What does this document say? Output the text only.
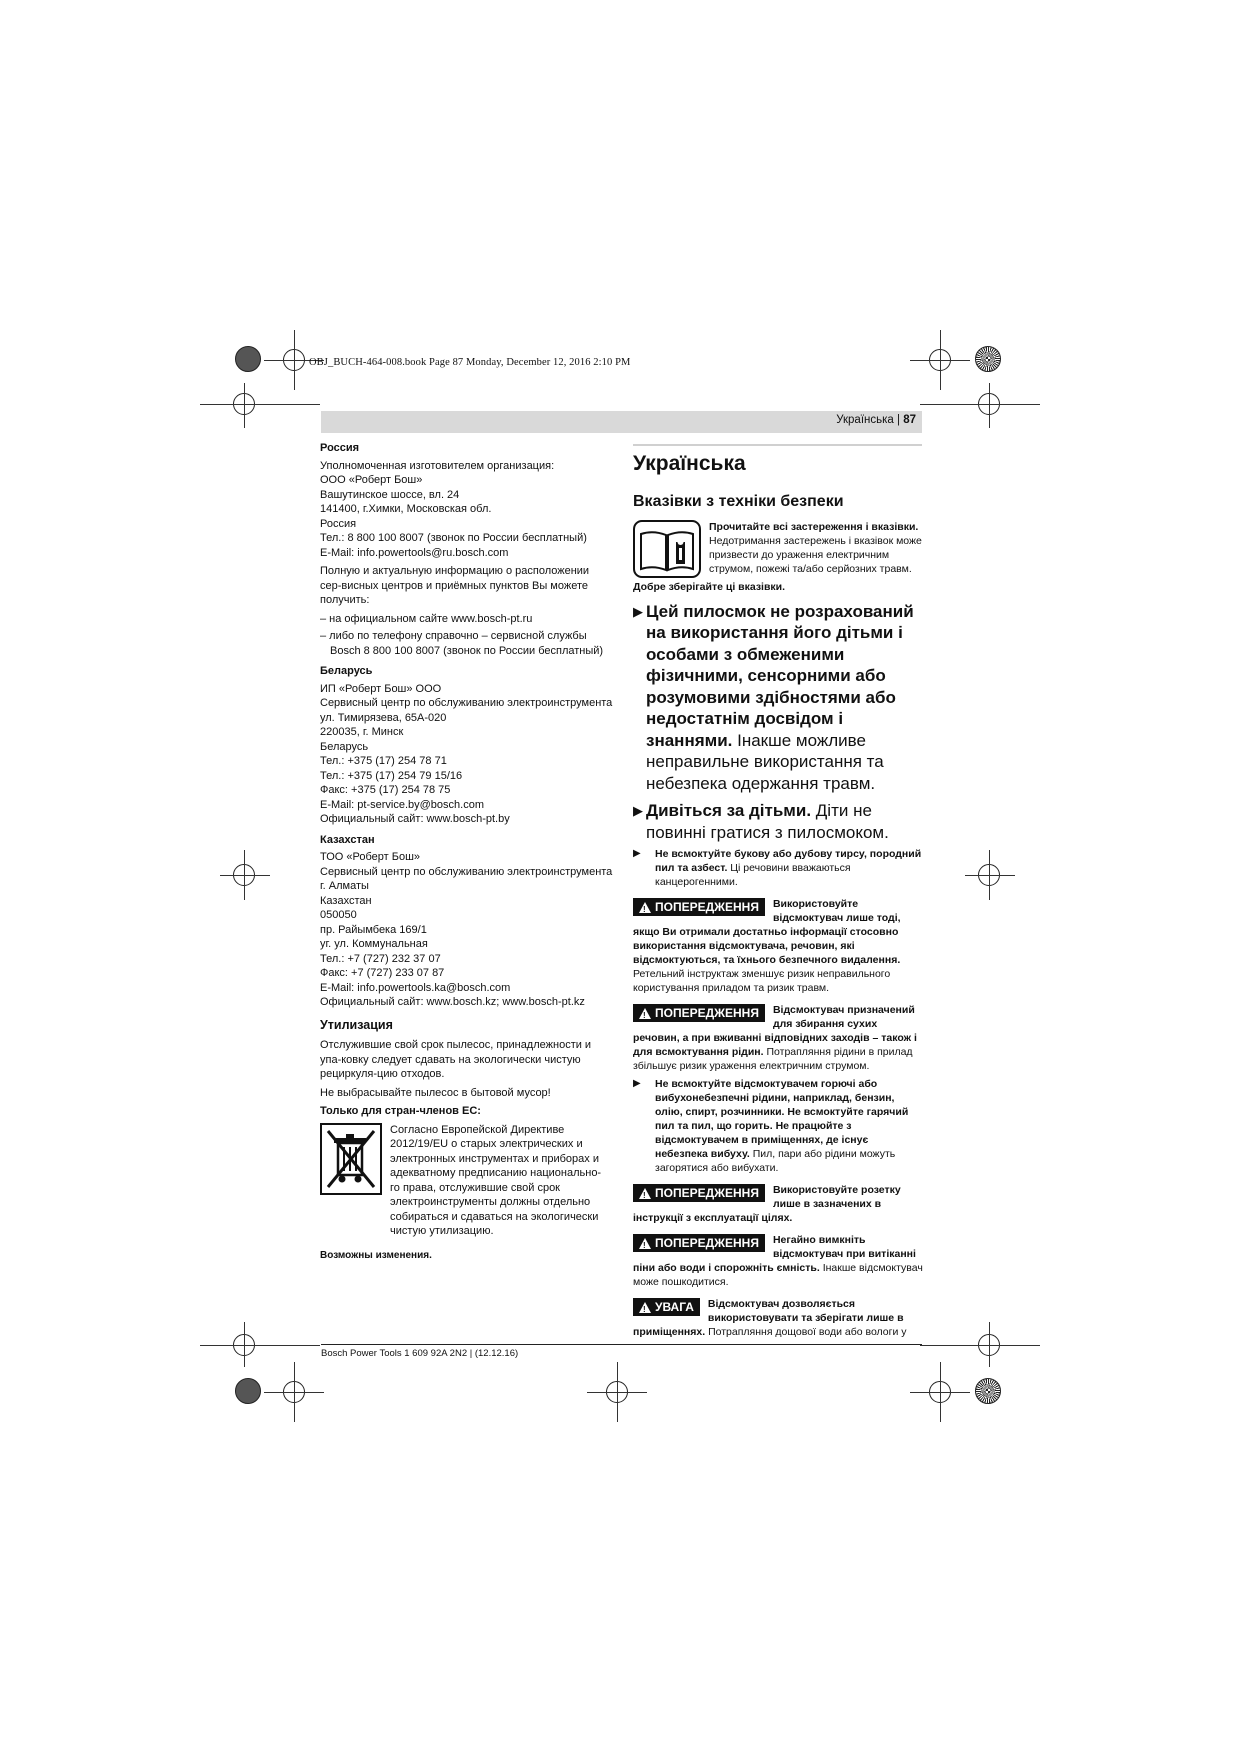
OBJ_BUCH-464-008.book Page 87 Monday, December 12, 2016 2:10 PM
Українська | 87
Россия
Уполномоченная изготовителем организация:
ООО «Роберт Бош»
Вашутинское шоссе, вл. 24
141400, г.Химки, Московская обл.
Россия
Тел.: 8 800 100 8007 (звонок по России бесплатный)
E-Mail: info.powertools@ru.bosch.com
Полную и актуальную информацию о расположении сер-висных центров и приёмных пунктов Вы можете получить:
– на официальном сайте www.bosch-pt.ru
– либо по телефону справочно – сервисной службы Bosch 8 800 100 8007 (звонок по России бесплатный)
Беларусь
ИП «Роберт Бош» ООО
Сервисный центр по обслуживанию электроинструмента
ул. Тимирязева, 65А-020
220035, г. Минск
Беларусь
Тел.: +375 (17) 254 78 71
Тел.: +375 (17) 254 79 15/16
Факс: +375 (17) 254 78 75
E-Mail: pt-service.by@bosch.com
Официальный сайт: www.bosch-pt.by
Казахстан
ТОО «Роберт Бош»
Сервисный центр по обслуживанию электроинструмента
г. Алматы
Казахстан
050050
пр. Райымбека 169/1
уг. ул. Коммунальная
Тел.: +7 (727) 232 37 07
Факс: +7 (727) 233 07 87
E-Mail: info.powertools.ka@bosch.com
Официальный сайт: www.bosch.kz; www.bosch-pt.kz
Утилизация
Отслужившие свой срок пылесос, принадлежности и упа-ковку следует сдавать на экологически чистую рециркуля-цию отходов.
Не выбрасывайте пылесос в бытовой мусор!
Только для стран-членов ЕС:
Согласно Европейской Директиве 2012/19/EU о старых электрических и электронных инструментах и приборах и адекватному предписанию национально-го права, отслужившие свой срок электроинструменты должны отдельно собираться и сдаваться на экологически чистую утилизацию.
Возможны изменения.
Українська
Вказівки з техніки безпеки
Прочитайте всі застереження і вказівки. Недотримання застережень і вказівок може призвести до ураження електричним струмом, пожежі та/або серйозних травм.
Добре зберігайте ці вказівки.
▶ Цей пилосмок не розрахований на використання його дітьми і особами з обмеженими фізичними, сенсорними або розумовими здібностями або недостатнім досвідом і знаннями. Інакше можливе неправильне використання та небезпека одержання травм.
▶ Дивіться за дітьми. Діти не повинні гратися з пилосмоком.
▶	Не всмоктуйте букову або дубову тирсу, породний пил та азбест. Ці речовини вважаються канцерогенними.
!
ПОПЕРЕДЖЕННЯ Використовуйте відсмоктувач лише тоді, якщо Ви отримали достатньо інформації стосовно використання відсмоктувача, речовин, які відсмоктуються, та їхнього безпечного видалення. Ретельний інструктаж зменшує ризик неправильного користування приладом та ризик травм.
!
ПОПЕРЕДЖЕННЯ Відсмоктувач призначений для збирання сухих речовин, а при вживанні відповідних заходів – також і для всмоктування рідин. Потрапляння рідини в прилад збільшує ризик ураження електричним струмом.
▶	Не всмоктуйте відсмоктувачем горючі або вибухонебезпечні рідини, наприклад, бензин, олію, спирт, розчинники. Не всмоктуйте гарячий пил та пил, що горить. Не працюйте з відсмоктувачем в приміщеннях, де існує небезпека вибуху. Пил, пари або рідини можуть загорятися або вибухати.
!
ПОПЕРЕДЖЕННЯ Використовуйте розетку лише в зазначених в інструкції з експлуатації цілях.
!
ПОПЕРЕДЖЕННЯ Негайно вимкніть відсмоктувач при витіканні піни або води і спорожніть ємність. Інакше відсмоктувач може пошкодитися.
!
УВАГА Відсмоктувач дозволяється використовувати та зберігати лише в приміщеннях. Потрапляння дощової води або вологи у
Bosch Power Tools 1 609 92A 2N2 | (12.12.16)
